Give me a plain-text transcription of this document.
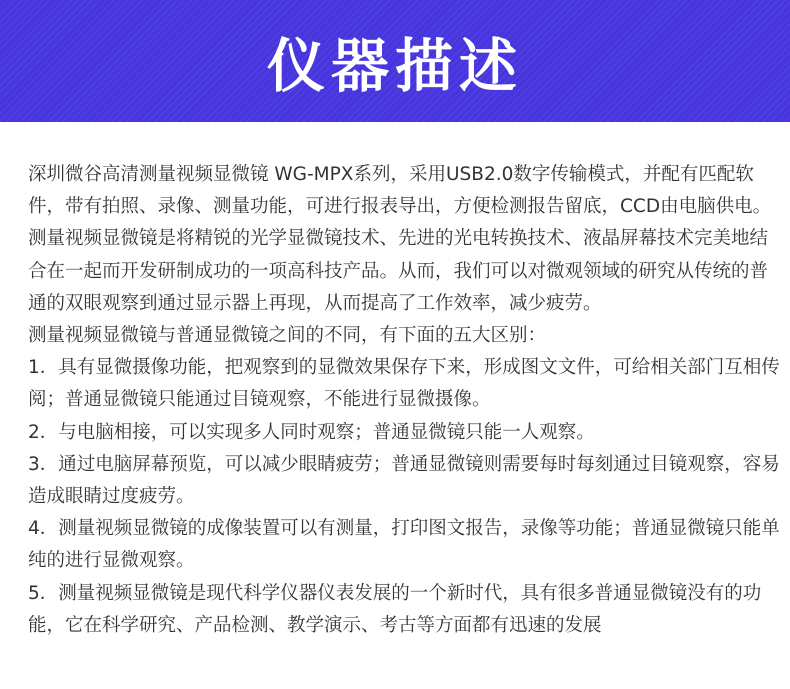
仪器描述

深圳微谷高清测量视频显微镜 WG-MPX系列，采用USB2.0数字传输模式，并配有匹配软件，带有拍照、录像、测量功能，可进行报表导出，方便检测报告留底，CCD由电脑供电。

测量视频显微镜是将精锐的光学显微镜技术、先进的光电转换技术、液晶屏幕技术完美地结合在一起而开发研制成功的一项高科技产品。从而，我们可以对微观领域的研究从传统的普通的双眼观察到通过显示器上再现，从而提高了工作效率，减少疲劳。

测量视频显微镜与普通显微镜之间的不同，有下面的五大区别：

1．具有显微摄像功能，把观察到的显微效果保存下来，形成图文文件，可给相关部门互相传阅；普通显微镜只能通过目镜观察，不能进行显微摄像。

2．与电脑相接，可以实现多人同时观察；普通显微镜只能一人观察。

3．通过电脑屏幕预览，可以减少眼睛疲劳；普通显微镜则需要每时每刻通过目镜观察，容易造成眼睛过度疲劳。

4．测量视频显微镜的成像装置可以有测量，打印图文报告，录像等功能；普通显微镜只能单纯的进行显微观察。

5．测量视频显微镜是现代科学仪器仪表发展的一个新时代，具有很多普通显微镜没有的功能，它在科学研究、产品检测、教学演示、考古等方面都有迅速的发展
